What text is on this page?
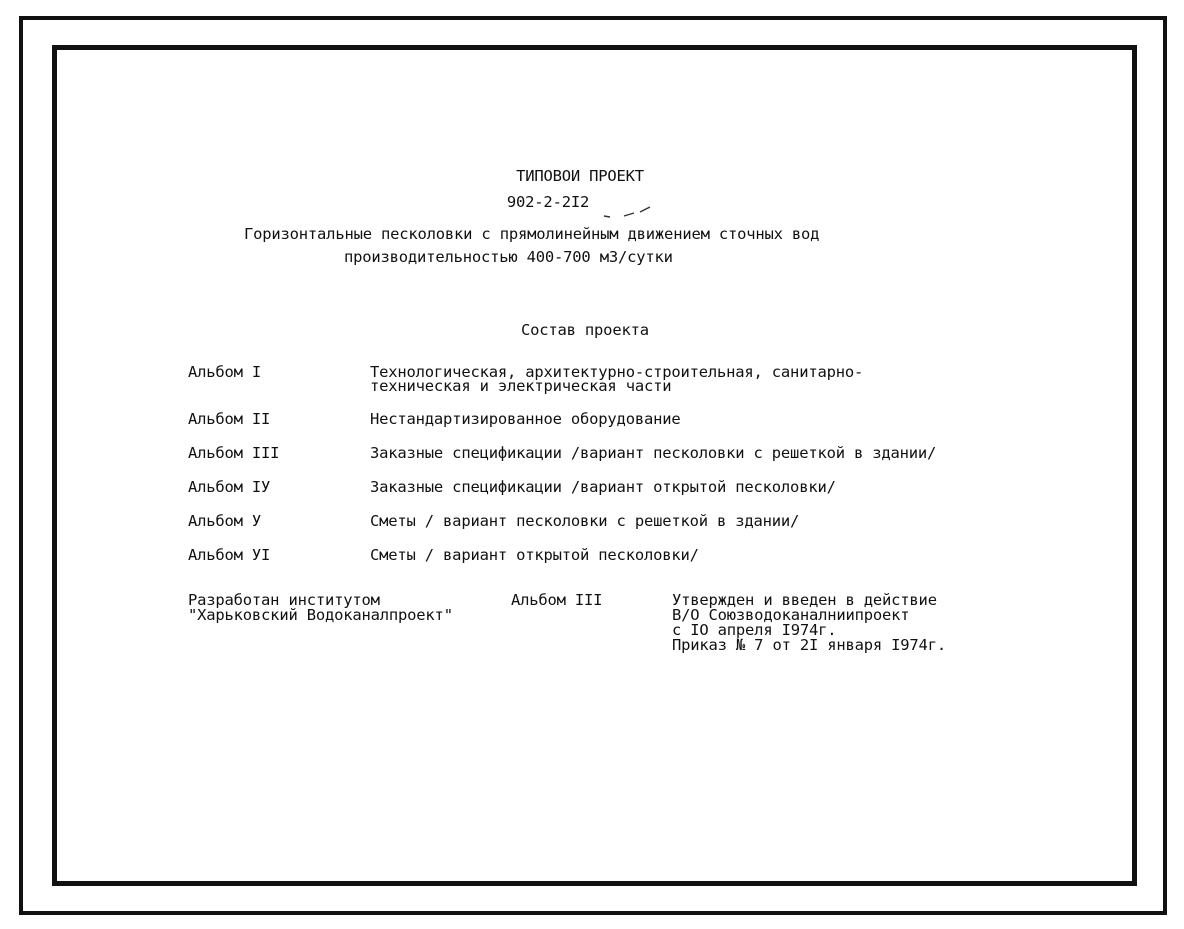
ТИПОВОИ ПРОЕКТ
902-2-2I2
Горизонтальные песколовки с прямолинейным движением сточных вод
производительностью 400-700 мЗ/сутки
Состав проекта
Альбом I	Технологическая, архитектурно-строительная, санитарно-
техническая и электрическая части
Альбом II	Нестандартизированное оборудование
Альбом III	Заказные спецификации /вариант песколовки с решеткой в здании/
Альбом IУ	Заказные спецификации /вариант открытой песколовки/
Альбом У	Сметы / вариант песколовки с решеткой в здании/
Альбом УI	Сметы / вариант открытой песколовки/
Разработан институтом
"Харьковский Водоканалпроект"
Альбом III	Утвержден и введен в действие
В/О Союзводоканалниипроект
с IO апреля I974г.
Приказ № 7 от 2I января I974г.
